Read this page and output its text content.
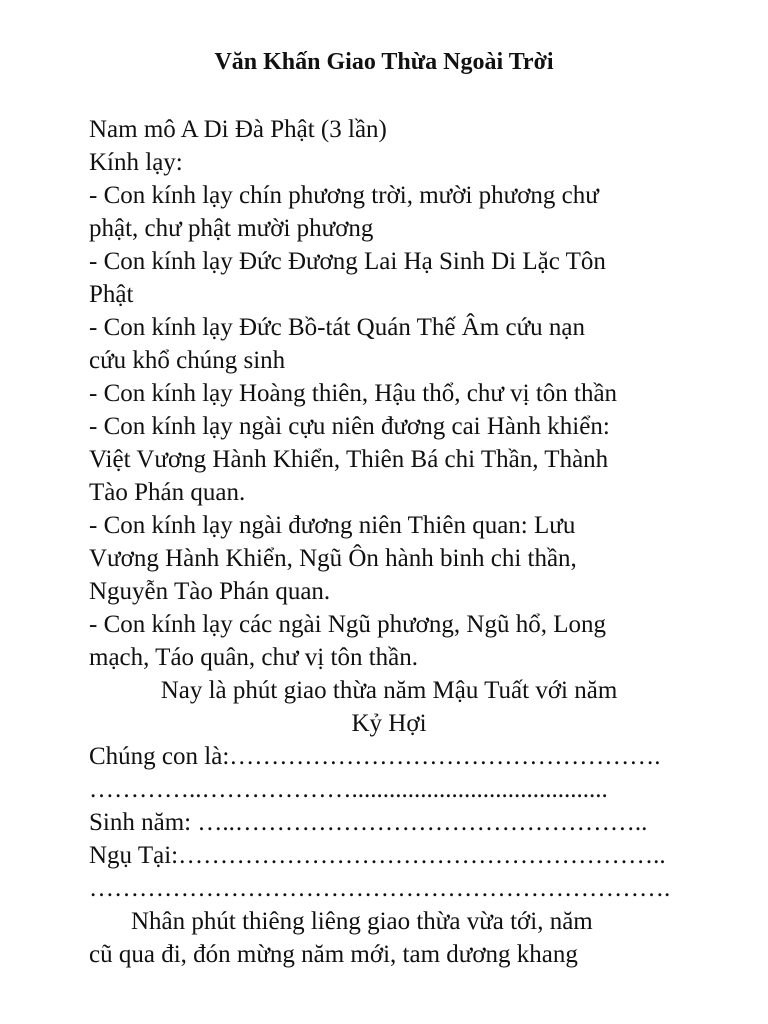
Văn Khấn Giao Thừa Ngoài Trời
Nam mô A Di Đà Phật (3 lần)
Kính lạy:
- Con kính lạy chín phương trời, mười phương chư
phật, chư phật mười phương
- Con kính lạy Đức Đương Lai Hạ Sinh Di Lặc Tôn
Phật
- Con kính lạy Đức Bồ-tát Quán Thế Âm cứu nạn
cứu khổ chúng sinh
- Con kính lạy Hoàng thiên, Hậu thổ, chư vị tôn thần
- Con kính lạy ngài cựu niên đương cai Hành khiển:
Việt Vương Hành Khiển, Thiên Bá chi Thần, Thành
Tào Phán quan.
- Con kính lạy ngài đương niên Thiên quan: Lưu
Vương Hành Khiển, Ngũ Ôn hành binh chi thần,
Nguyễn Tào Phán quan.
- Con kính lạy các ngài Ngũ phương, Ngũ hổ, Long
mạch, Táo quân, chư vị tôn thần.
Nay là phút giao thừa năm Mậu Tuất với năm
Kỷ Hợi
Chúng con là:…………………………………………….
…………..……………….........................................
Sinh năm: …..…………………………………………..
Ngụ Tại:…………………………………………………..
…………………………………………………………….
Nhân phút thiêng liêng giao thừa vừa tới, năm
cũ qua đi, đón mừng năm mới, tam dương khang
